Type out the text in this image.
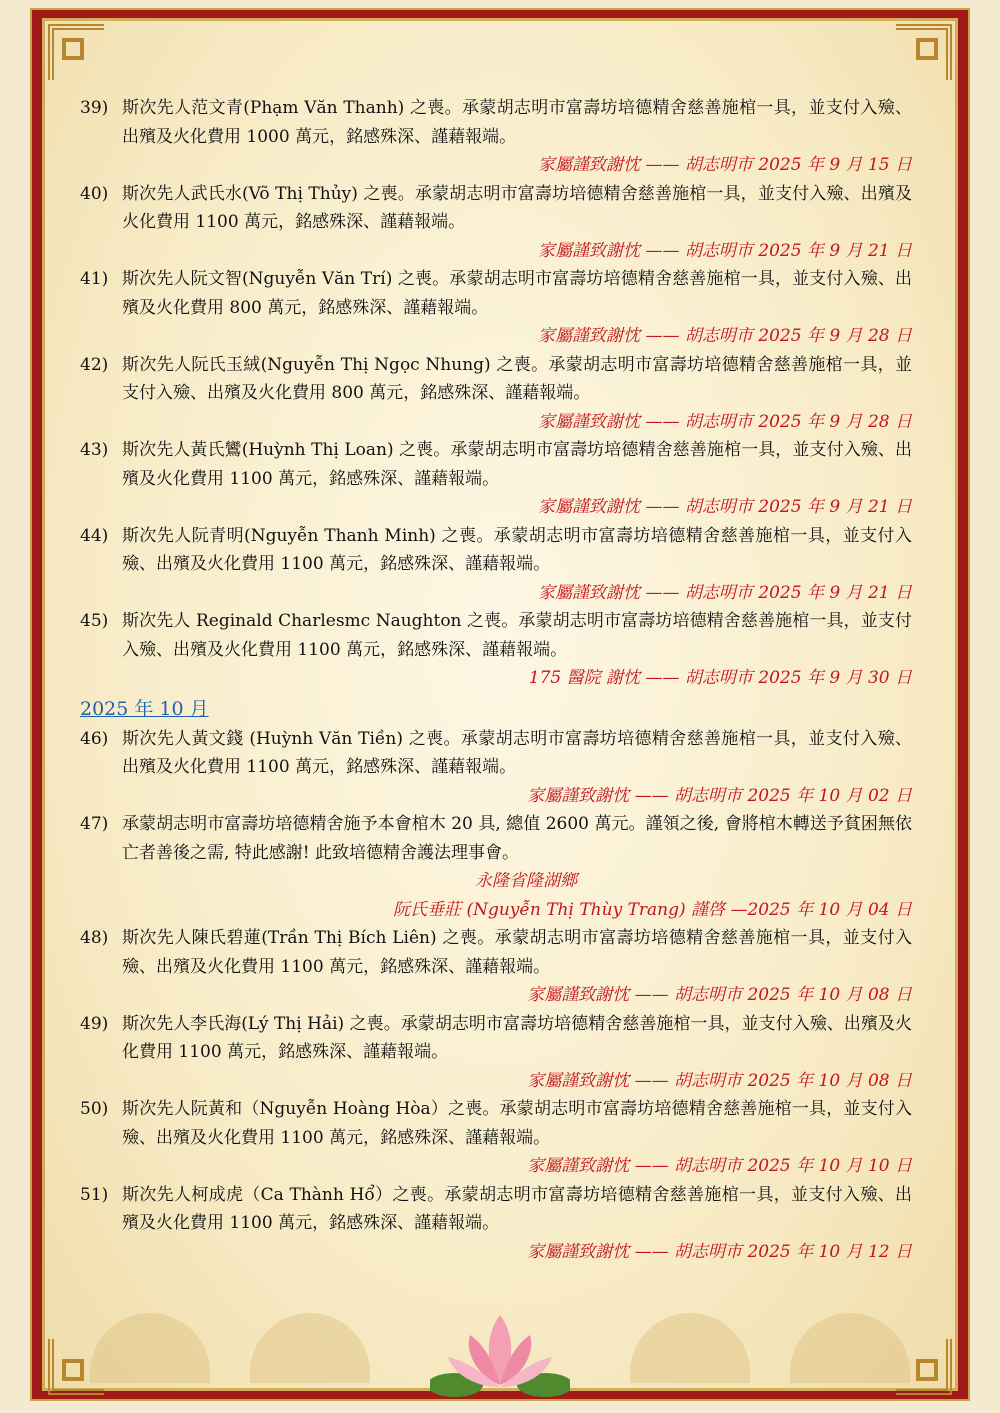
39) 斯次先人范文青(Phạm Văn Thanh) 之喪。承蒙胡志明市富壽坊培德精舍慈善施棺一具，並支付入殮、出殯及火化費用 1000 萬元，銘感殊深、謹藉報端。
家屬謹致謝忱 —— 胡志明市 2025 年 9 月 15 日
40) 斯次先人武氏水(Võ Thị Thủy) 之喪。承蒙胡志明市富壽坊培德精舍慈善施棺一具，並支付入殮、出殯及火化費用 1100 萬元，銘感殊深、謹藉報端。
家屬謹致謝忱 —— 胡志明市 2025 年 9 月 21 日
41) 斯次先人阮文智(Nguyễn Văn Trí) 之喪。承蒙胡志明市富壽坊培德精舍慈善施棺一具，並支付入殮、出殯及火化費用 800 萬元，銘感殊深、謹藉報端。
家屬謹致謝忱 —— 胡志明市 2025 年 9 月 28 日
42) 斯次先人阮氏玉絨(Nguyễn Thị Ngọc Nhung) 之喪。承蒙胡志明市富壽坊培德精舍慈善施棺一具，並支付入殮、出殯及火化費用 800 萬元，銘感殊深、謹藉報端。
家屬謹致謝忱 —— 胡志明市 2025 年 9 月 28 日
43) 斯次先人黃氏鸞(Huỳnh Thị Loan) 之喪。承蒙胡志明市富壽坊培德精舍慈善施棺一具，並支付入殮、出殯及火化費用 1100 萬元，銘感殊深、謹藉報端。
家屬謹致謝忱 —— 胡志明市 2025 年 9 月 21 日
44) 斯次先人阮青明(Nguyễn Thanh Minh) 之喪。承蒙胡志明市富壽坊培德精舍慈善施棺一具，並支付入殮、出殯及火化費用 1100 萬元，銘感殊深、謹藉報端。
家屬謹致謝忱 —— 胡志明市 2025 年 9 月 21 日
45) 斯次先人 Reginald Charlesmc Naughton 之喪。承蒙胡志明市富壽坊培德精舍慈善施棺一具，並支付入殮、出殯及火化費用 1100 萬元，銘感殊深、謹藉報端。
175 醫院 謝忱 —— 胡志明市 2025 年 9 月 30 日
2025 年 10 月
46) 斯次先人黃文錢 (Huỳnh Văn Tiền) 之喪。承蒙胡志明市富壽坊培德精舍慈善施棺一具，並支付入殮、出殯及火化費用 1100 萬元，銘感殊深、謹藉報端。
家屬謹致謝忱 —— 胡志明市 2025 年 10 月 02 日
47) 承蒙胡志明市富壽坊培德精舍施予本會棺木 20 具, 總值 2600 萬元。謹領之後, 會將棺木轉送予貧困無依亡者善後之需, 特此感謝! 此致培德精舍護法理事會。
永隆省隆湖鄉
阮氏垂莊 (Nguyễn Thị Thùy Trang) 謹啓 —2025 年 10 月 04 日
48) 斯次先人陳氏碧蓮(Trần Thị Bích Liên) 之喪。承蒙胡志明市富壽坊培德精舍慈善施棺一具，並支付入殮、出殯及火化費用 1100 萬元，銘感殊深、謹藉報端。
家屬謹致謝忱 —— 胡志明市 2025 年 10 月 08 日
49) 斯次先人李氏海(Lý Thị Hải) 之喪。承蒙胡志明市富壽坊培德精舍慈善施棺一具，並支付入殮、出殯及火化費用 1100 萬元，銘感殊深、謹藉報端。
家屬謹致謝忱 —— 胡志明市 2025 年 10 月 08 日
50) 斯次先人阮黃和（Nguyễn Hoàng Hòa）之喪。承蒙胡志明市富壽坊培德精舍慈善施棺一具，並支付入殮、出殯及火化費用 1100 萬元，銘感殊深、謹藉報端。
家屬謹致謝忱 —— 胡志明市 2025 年 10 月 10 日
51) 斯次先人柯成虎（Ca Thành Hổ）之喪。承蒙胡志明市富壽坊培德精舍慈善施棺一具，並支付入殮、出殯及火化費用 1100 萬元，銘感殊深、謹藉報端。
家屬謹致謝忱 —— 胡志明市 2025 年 10 月 12 日
